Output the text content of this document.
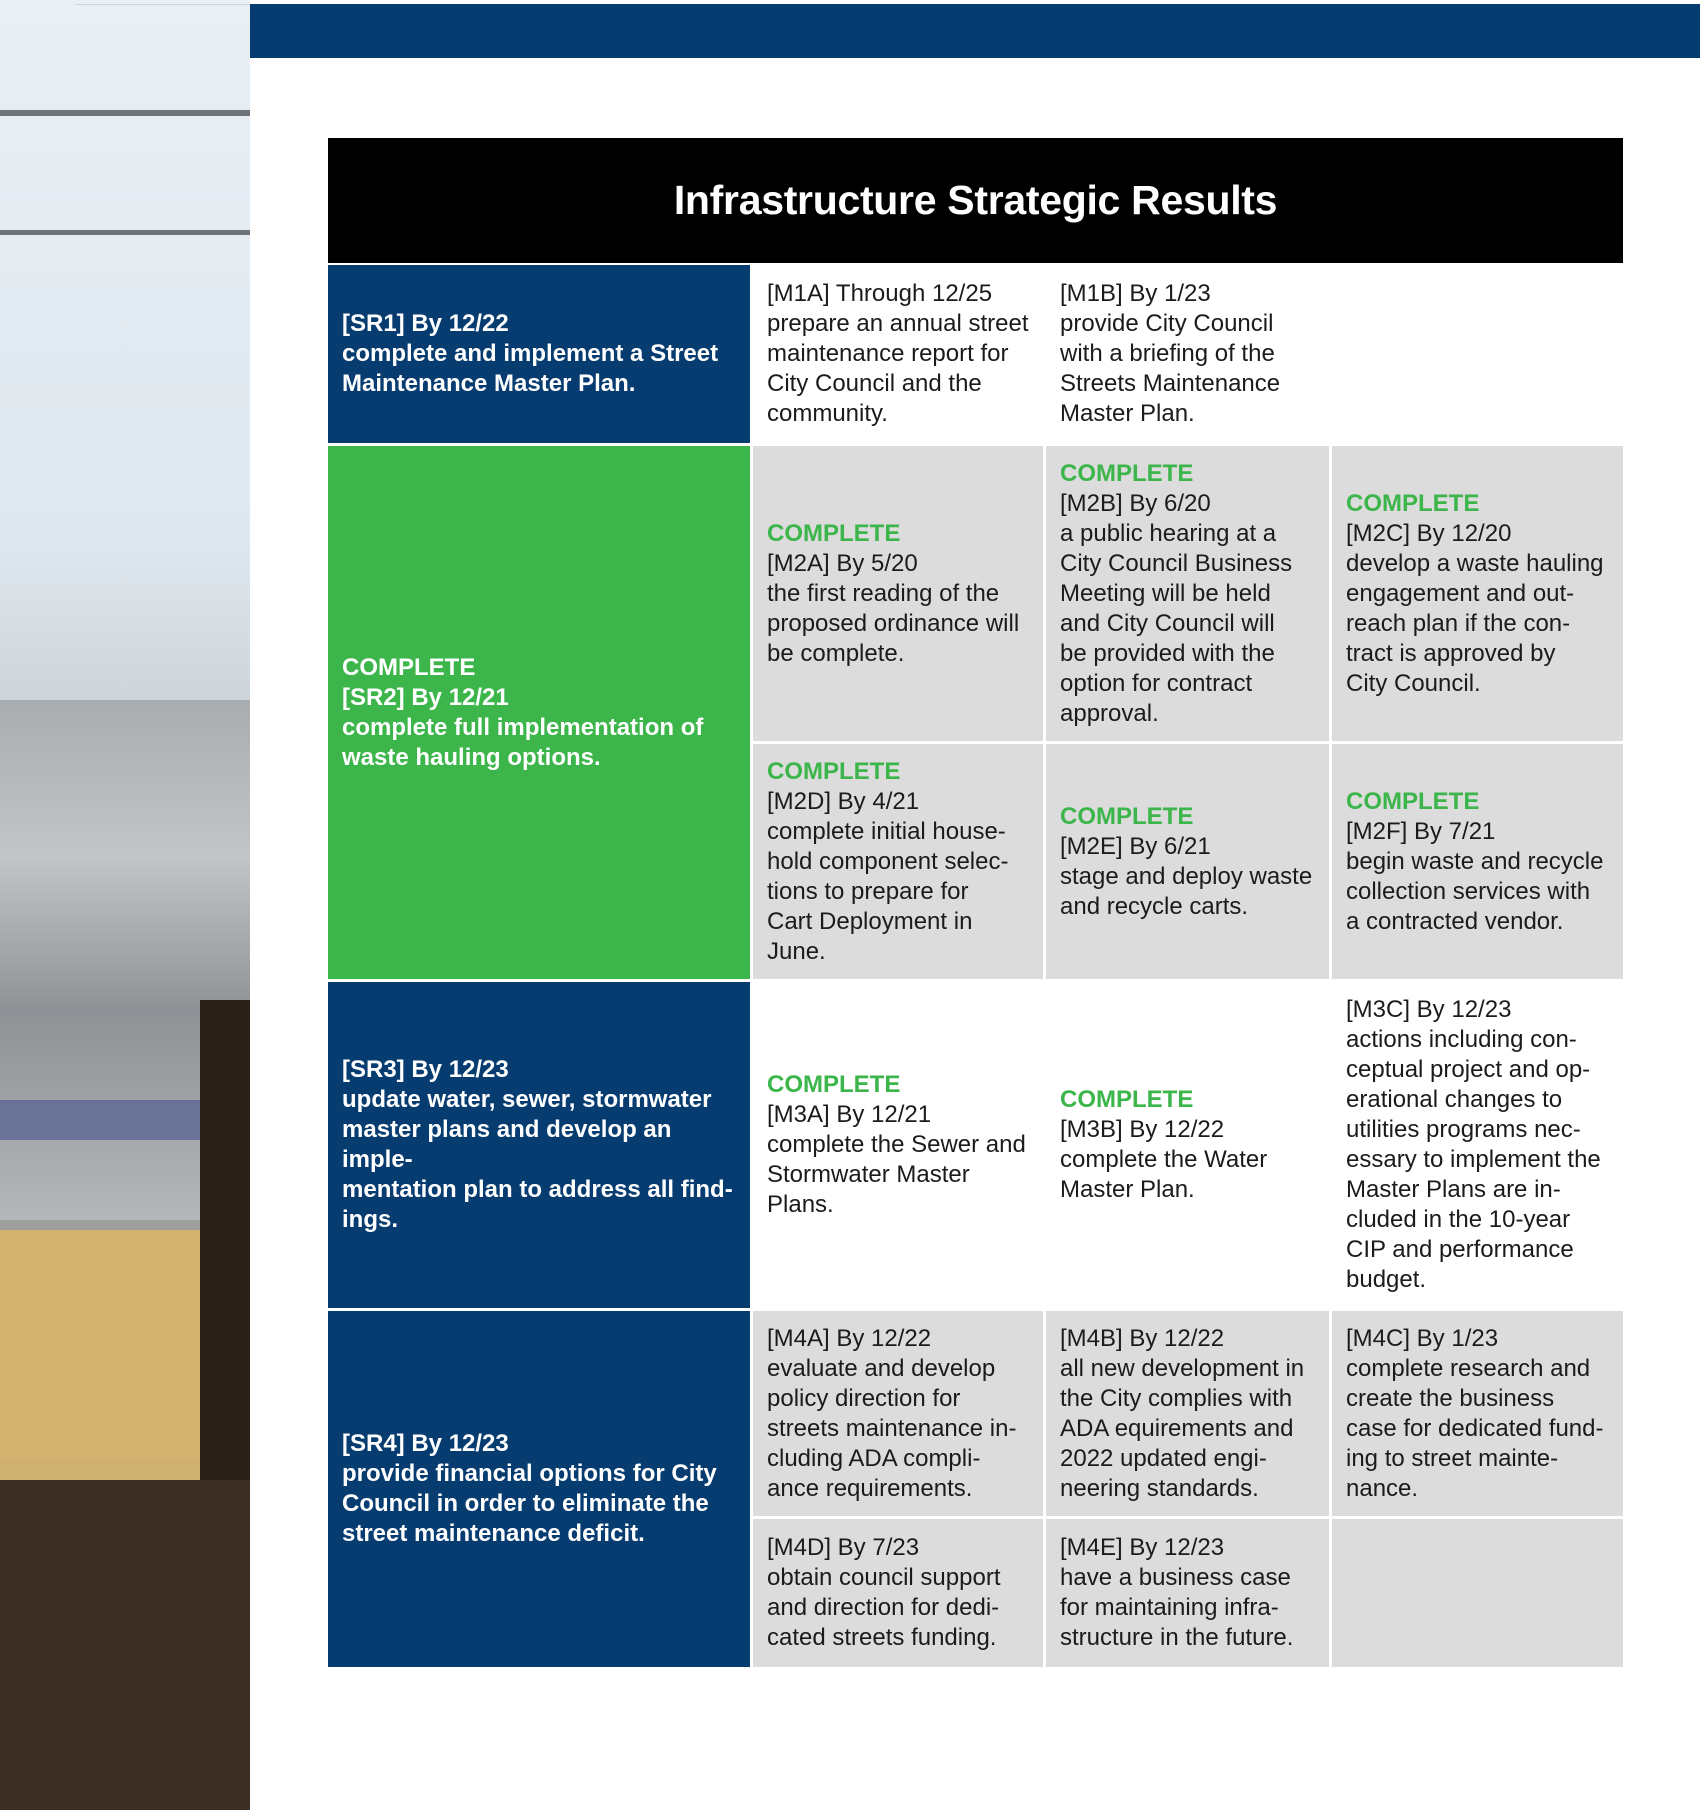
Infrastructure Strategic Results
[SR1] By 12/22
complete and implement a Street
Maintenance Master Plan.
[M1A] Through 12/25
prepare an annual street
maintenance report for
City Council and the
community.
[M1B] By 1/23
provide City Council
with a briefing of the
Streets Maintenance
Master Plan.
COMPLETE
[SR2] By 12/21
complete full implementation of
waste hauling options.
COMPLETE
[M2A] By 5/20
the first reading of the
proposed ordinance will
be complete.
COMPLETE
[M2B] By 6/20
a public hearing at a
City Council Business
Meeting will be held
and City Council will
be provided with the
option for contract
approval.
COMPLETE
[M2C] By 12/20
develop a waste hauling
engagement and out-
reach plan if the con-
tract is approved by
City Council.
COMPLETE
[M2D] By 4/21
complete initial house-
hold component selec-
tions to prepare for
Cart Deployment in
June.
COMPLETE
[M2E] By 6/21
stage and deploy waste
and recycle carts.
COMPLETE
[M2F] By 7/21
begin waste and recycle
collection services with
a contracted vendor.
[SR3] By 12/23
update water, sewer, stormwater
master plans and develop an imple-
mentation plan to address all find-
ings.
COMPLETE
[M3A] By 12/21
complete the Sewer and
Stormwater Master
Plans.
COMPLETE
[M3B] By 12/22
complete the Water
Master Plan.
[M3C] By 12/23
actions including con-
ceptual project and op-
erational changes to
utilities programs nec-
essary to implement the
Master Plans are in-
cluded in the 10-year
CIP and performance
budget.
[SR4] By 12/23
provide financial options for City
Council in order to eliminate the
street maintenance deficit.
[M4A] By 12/22
evaluate and develop
policy direction for
streets maintenance in-
cluding ADA compli-
ance requirements.
[M4B] By 12/22
all new development in
the City complies with
ADA equirements and
2022 updated engi-
neering standards.
[M4C] By 1/23
complete research and
create the business
case for dedicated fund-
ing to street mainte-
nance.
[M4D] By 7/23
obtain council support
and direction for dedi-
cated streets funding.
[M4E] By 12/23
have a business case
for maintaining infra-
structure in the future.
